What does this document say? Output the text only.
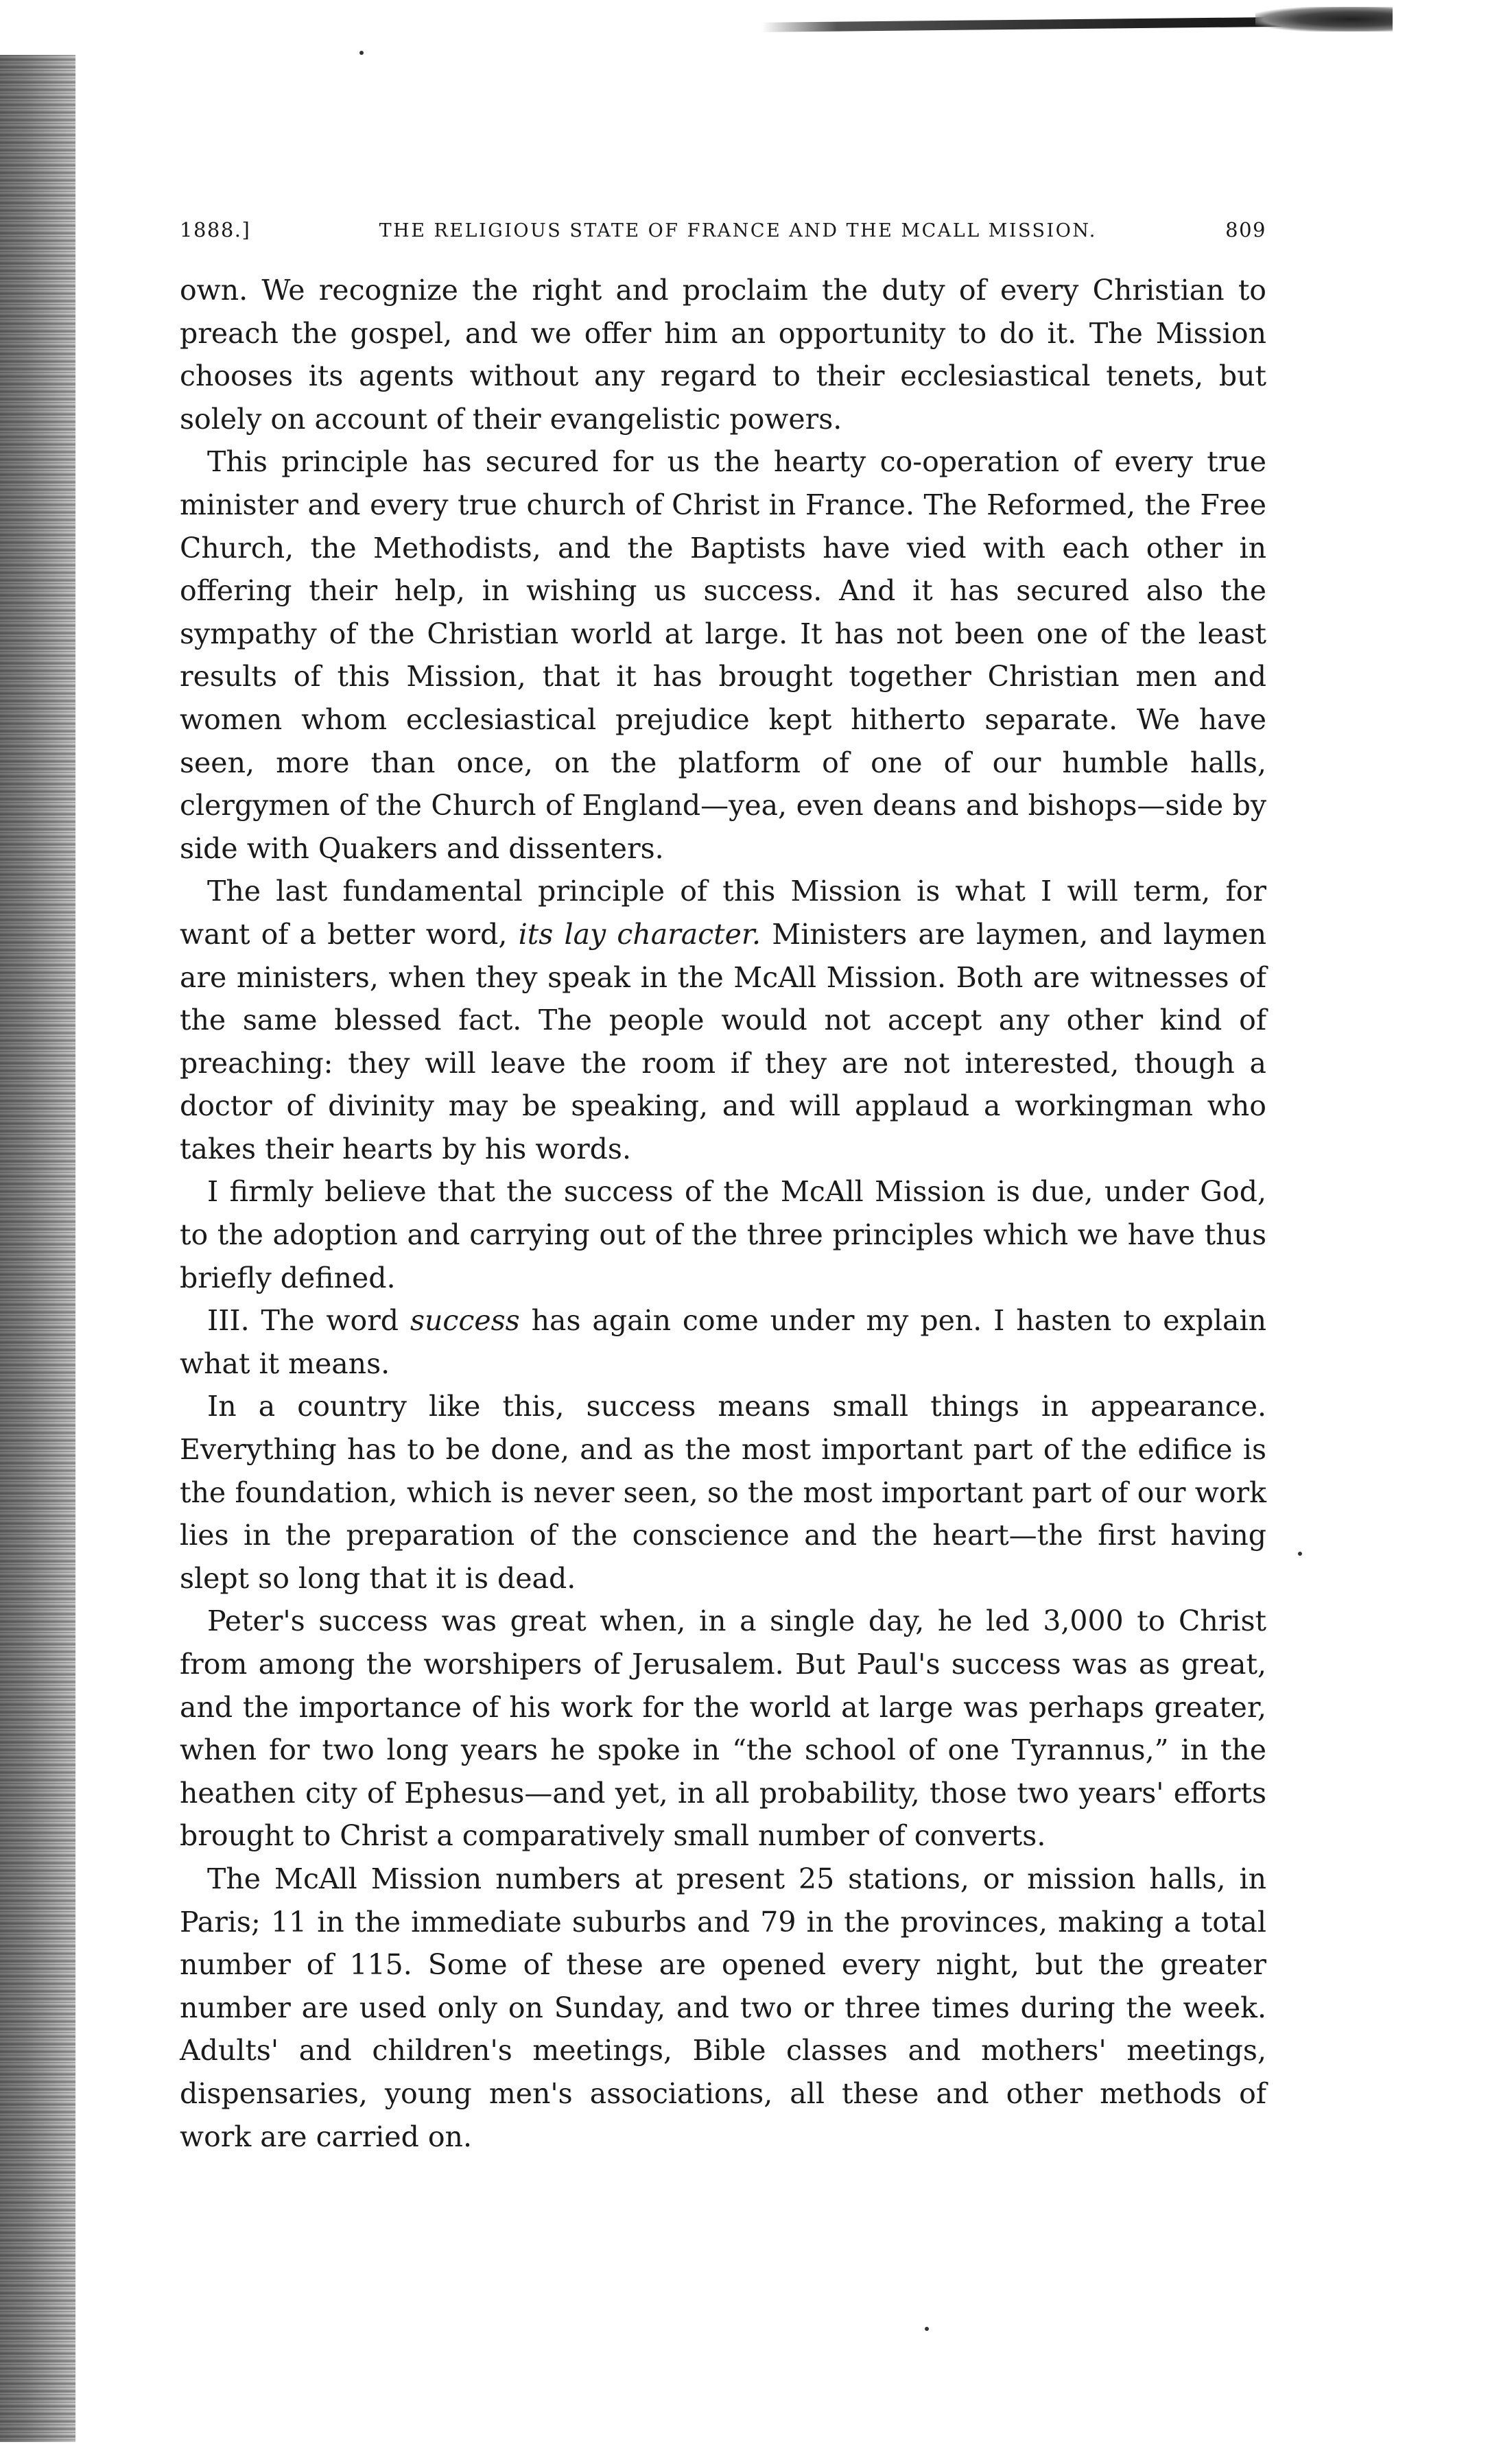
1888.]	THE RELIGIOUS STATE OF FRANCE AND THE MCALL MISSION.	809

own. We recognize the right and proclaim the duty of every Christian to preach the gospel, and we offer him an opportunity to do it. The Mission chooses its agents without any regard to their ecclesiastical tenets, but solely on account of their evangelistic powers.

This principle has secured for us the hearty co-operation of every true minister and every true church of Christ in France. The Reformed, the Free Church, the Methodists, and the Baptists have vied with each other in offering their help, in wishing us success. And it has secured also the sympathy of the Christian world at large. It has not been one of the least results of this Mission, that it has brought together Christian men and women whom ecclesiastical prejudice kept hitherto separate. We have seen, more than once, on the platform of one of our humble halls, clergymen of the Church of England—yea, even deans and bishops—side by side with Quakers and dissenters.

The last fundamental principle of this Mission is what I will term, for want of a better word, its lay character. Ministers are laymen, and laymen are ministers, when they speak in the McAll Mission. Both are witnesses of the same blessed fact. The people would not accept any other kind of preaching: they will leave the room if they are not interested, though a doctor of divinity may be speaking, and will applaud a workingman who takes their hearts by his words.

I firmly believe that the success of the McAll Mission is due, under God, to the adoption and carrying out of the three principles which we have thus briefly defined.

III. The word success has again come under my pen. I hasten to explain what it means.

In a country like this, success means small things in appearance. Everything has to be done, and as the most important part of the edifice is the foundation, which is never seen, so the most important part of our work lies in the preparation of the conscience and the heart—the first having slept so long that it is dead.

Peter's success was great when, in a single day, he led 3,000 to Christ from among the worshipers of Jerusalem. But Paul's success was as great, and the importance of his work for the world at large was perhaps greater, when for two long years he spoke in “the school of one Tyrannus,” in the heathen city of Ephesus—and yet, in all probability, those two years' efforts brought to Christ a comparatively small number of converts.

The McAll Mission numbers at present 25 stations, or mission halls, in Paris; 11 in the immediate suburbs and 79 in the provinces, making a total number of 115. Some of these are opened every night, but the greater number are used only on Sunday, and two or three times during the week. Adults' and children's meetings, Bible classes and mothers' meetings, dispensaries, young men's associations, all these and other methods of work are carried on.
